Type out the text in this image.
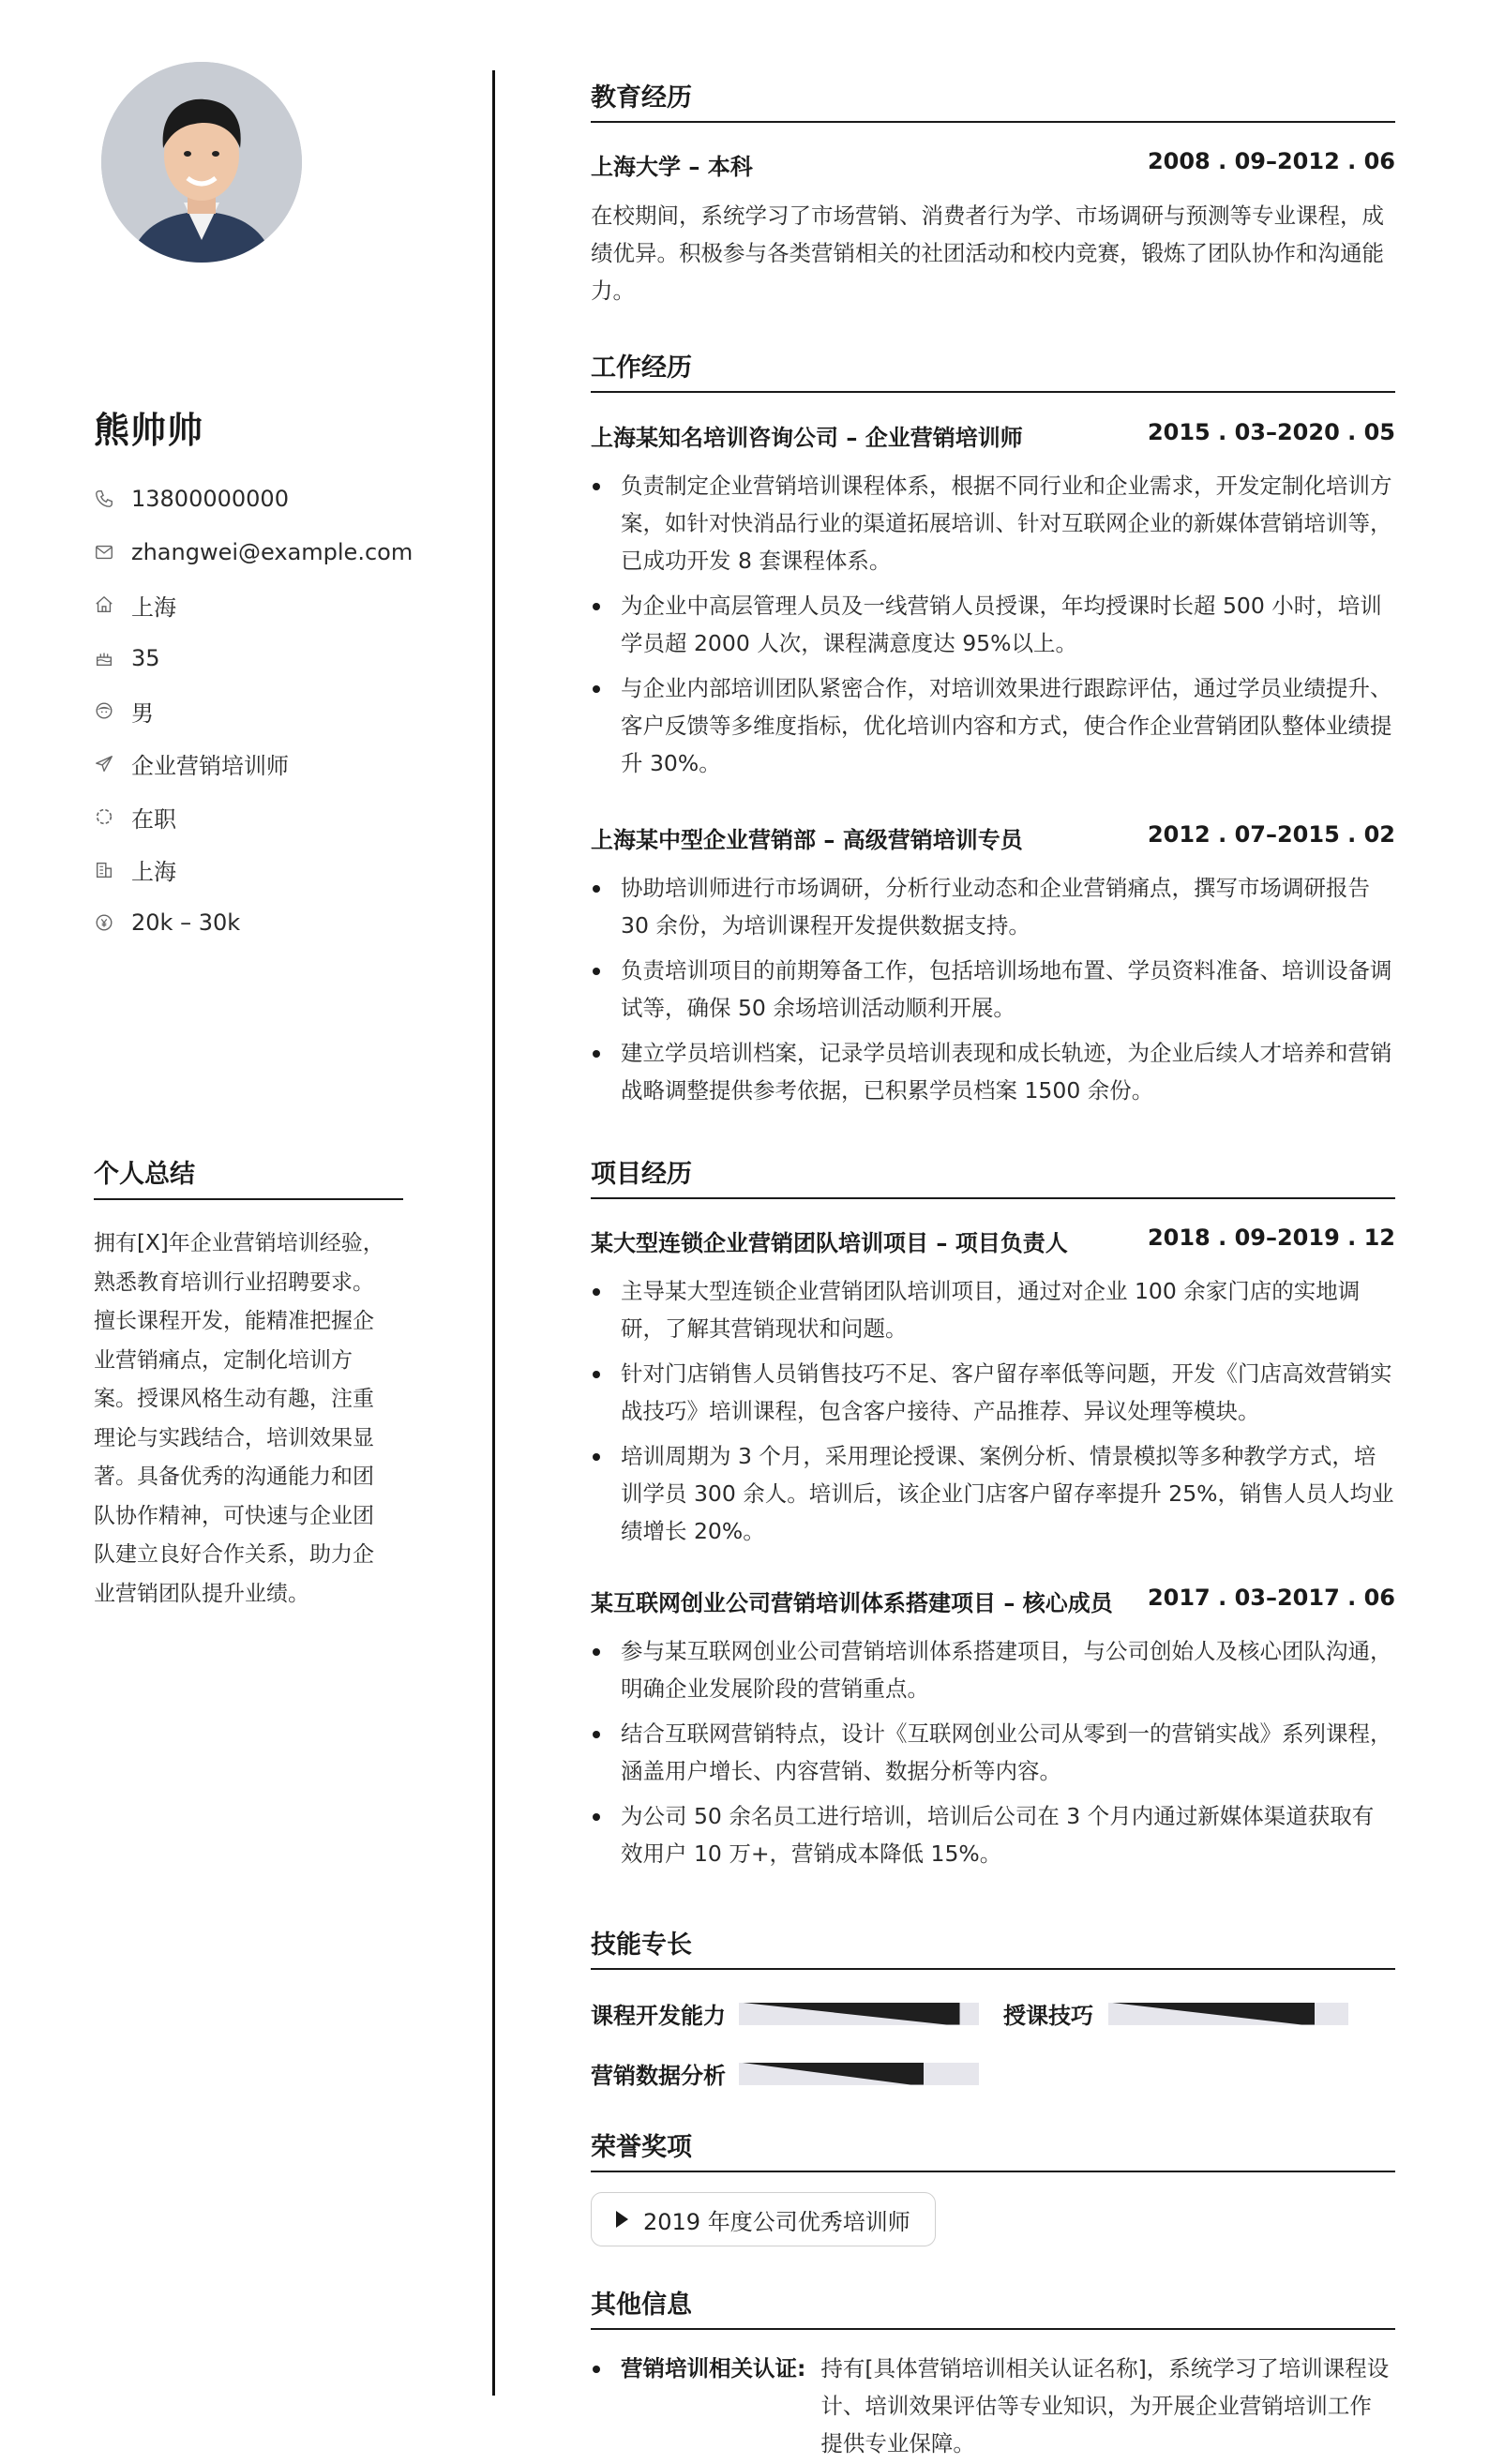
熊帅帅
13800000000
zhangwei@example.com
上海
35
男
企业营销培训师
在职
上海
20k – 30k
个人总结
拥有[X]年企业营销培训经验，熟悉教育培训行业招聘要求。擅长课程开发，能精准把握企业营销痛点，定制化培训方案。授课风格生动有趣，注重理论与实践结合，培训效果显著。具备优秀的沟通能力和团队协作精神，可快速与企业团队建立良好合作关系，助力企业营销团队提升业绩。
教育经历
上海大学 – 本科	2008 . 09–2012 . 06
在校期间，系统学习了市场营销、消费者行为学、市场调研与预测等专业课程，成绩优异。积极参与各类营销相关的社团活动和校内竞赛，锻炼了团队协作和沟通能力。
工作经历
上海某知名培训咨询公司 – 企业营销培训师	2015 . 03–2020 . 05
负责制定企业营销培训课程体系，根据不同行业和企业需求，开发定制化培训方案，如针对快消品行业的渠道拓展培训、针对互联网企业的新媒体营销培训等，已成功开发 8 套课程体系。
为企业中高层管理人员及一线营销人员授课，年均授课时长超 500 小时，培训学员超 2000 人次，课程满意度达 95%以上。
与企业内部培训团队紧密合作，对培训效果进行跟踪评估，通过学员业绩提升、客户反馈等多维度指标，优化培训内容和方式，使合作企业营销团队整体业绩提升 30%。
上海某中型企业营销部 – 高级营销培训专员	2012 . 07–2015 . 02
协助培训师进行市场调研，分析行业动态和企业营销痛点，撰写市场调研报告 30 余份，为培训课程开发提供数据支持。
负责培训项目的前期筹备工作，包括培训场地布置、学员资料准备、培训设备调试等，确保 50 余场培训活动顺利开展。
建立学员培训档案，记录学员培训表现和成长轨迹，为企业后续人才培养和营销战略调整提供参考依据，已积累学员档案 1500 余份。
项目经历
某大型连锁企业营销团队培训项目 – 项目负责人	2018 . 09–2019 . 12
主导某大型连锁企业营销团队培训项目，通过对企业 100 余家门店的实地调研，了解其营销现状和问题。
针对门店销售人员销售技巧不足、客户留存率低等问题，开发《门店高效营销实战技巧》培训课程，包含客户接待、产品推荐、异议处理等模块。
培训周期为 3 个月，采用理论授课、案例分析、情景模拟等多种教学方式，培训学员 300 余人。培训后，该企业门店客户留存率提升 25%，销售人员人均业绩增长 20%。
某互联网创业公司营销培训体系搭建项目 – 核心成员 2017 . 03–2017 . 06
参与某互联网创业公司营销培训体系搭建项目，与公司创始人及核心团队沟通，明确企业发展阶段的营销重点。
结合互联网营销特点，设计《互联网创业公司从零到一的营销实战》系列课程，涵盖用户增长、内容营销、数据分析等内容。
为公司 50 余名员工进行培训，培训后公司在 3 个月内通过新媒体渠道获取有效用户 10 万+，营销成本降低 15%。
技能专长
课程开发能力	授课技巧
营销数据分析
荣誉奖项
2019 年度公司优秀培训师
其他信息
营销培训相关认证: 持有[具体营销培训相关认证名称]，系统学习了培训课程设计、培训效果评估等专业知识，为开展企业营销培训工作提供专业保障。
